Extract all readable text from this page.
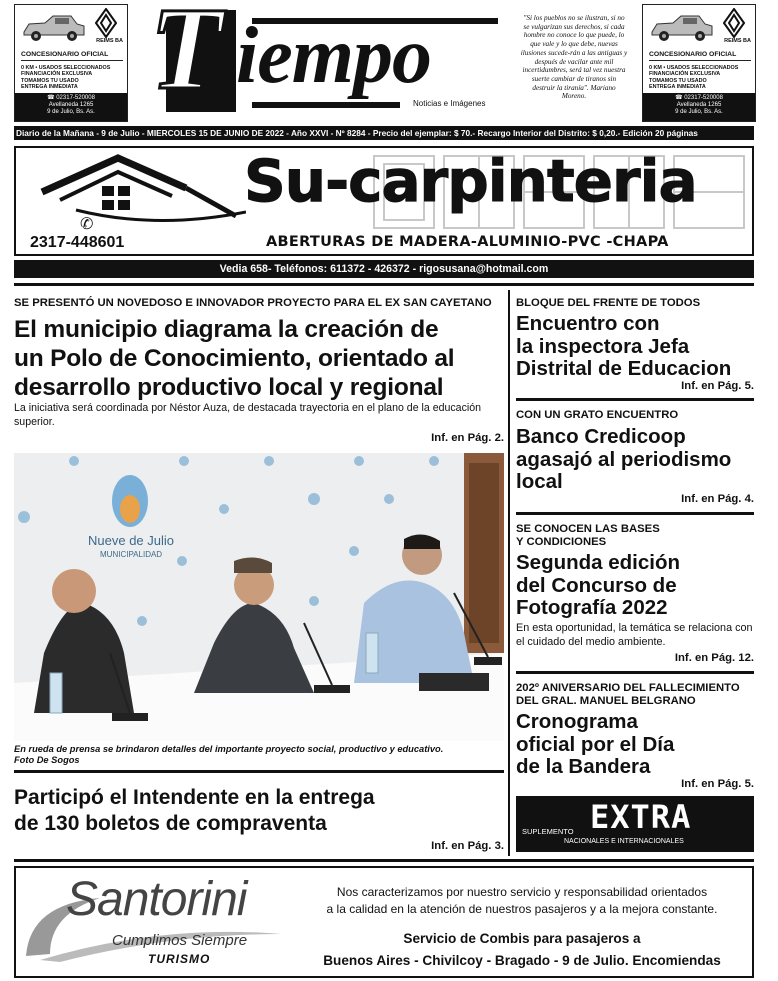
REIMS BA
CONCESIONARIO OFICIAL
0 KM • USADOS SELECCIONADOS
FINANCIACIÓN EXCLUSIVA
TOMAMOS TU USADO
ENTREGA INMEDIATA
☎ 02317-520008
Avellaneda 1265
9 de Julio, Bs. As.
REIMS BA
CONCESIONARIO OFICIAL
0 KM • USADOS SELECCIONADOS
FINANCIACIÓN EXCLUSIVA
TOMAMOS TU USADO
ENTREGA INMEDIATA
☎ 02317-520008
Avellaneda 1265
9 de Julio, Bs. As.
T iempo
Noticias e Imágenes
"Si los pueblos no se ilustran, si no se vulgarizan sus derechos, si cada hombre no conoce lo que puede, lo que vale y lo que debe, nuevas ilusiones sucede-rán a las antiguas y después de vacilar ante mil incertidumbres, será tal vez nuestra suerte cambiar de tiranos sin destruir la tiranía". Mariano Moreno.
Diario de la Mañana - 9 de Julio - MIERCOLES 15 DE JUNIO DE 2022 - Año XXVI - Nº 8284 - Precio del ejemplar: $ 70.- Recargo Interior del Distrito: $ 0,20.- Edición 20 páginas
Su-carpinteria
✆
2317-448601	ABERTURAS DE MADERA-ALUMINIO-PVC -CHAPA
Vedia 658- Teléfonos: 611372 - 426372 - rigosusana@hotmail.com
SE PRESENTÓ UN NOVEDOSO E INNOVADOR PROYECTO PARA EL EX SAN CAYETANO
El municipio diagrama la creación de
un Polo de Conocimiento, orientado al
desarrollo productivo local y regional
La iniciativa será coordinada por Néstor Auza, de destacada trayectoria en el plano de la educación superior.
Inf. en Pág. 2.
Nueve de Julio
MUNICIPALIDAD
En rueda de prensa se brindaron detalles del importante proyecto social, productivo y educativo.
Foto De Sogos
Participó el Intendente en la entrega
de 130 boletos de compraventa
Inf. en Pág. 3.
BLOQUE DEL FRENTE DE TODOS
Encuentro con
la inspectora Jefa
Distrital de Educacion
Inf. en Pág. 5.
CON UN GRATO ENCUENTRO
Banco Credicoop
agasajó al periodismo
local
Inf. en Pág. 4.
SE CONOCEN LAS BASES
Y CONDICIONES
Segunda edición
del Concurso de
Fotografía 2022
En esta oportunidad, la temática se relaciona con el cuidado del medio ambiente.
Inf. en Pág. 12.
202º ANIVERSARIO DEL FALLECIMIENTO
DEL GRAL. MANUEL BELGRANO
Cronograma
oficial por el Día
de la Bandera
Inf. en Pág. 5.
SUPLEMENTO EXTRA
NACIONALES E INTERNACIONALES
Santorini
Cumplimos Siempre
TURISMO
Nos caracterizamos por nuestro servicio y responsabilidad orientados
a la calidad en la atención de nuestros pasajeros y a la mejora constante.
Servicio de Combis para pasajeros a
Buenos Aires - Chivilcoy - Bragado - 9 de Julio. Encomiendas
